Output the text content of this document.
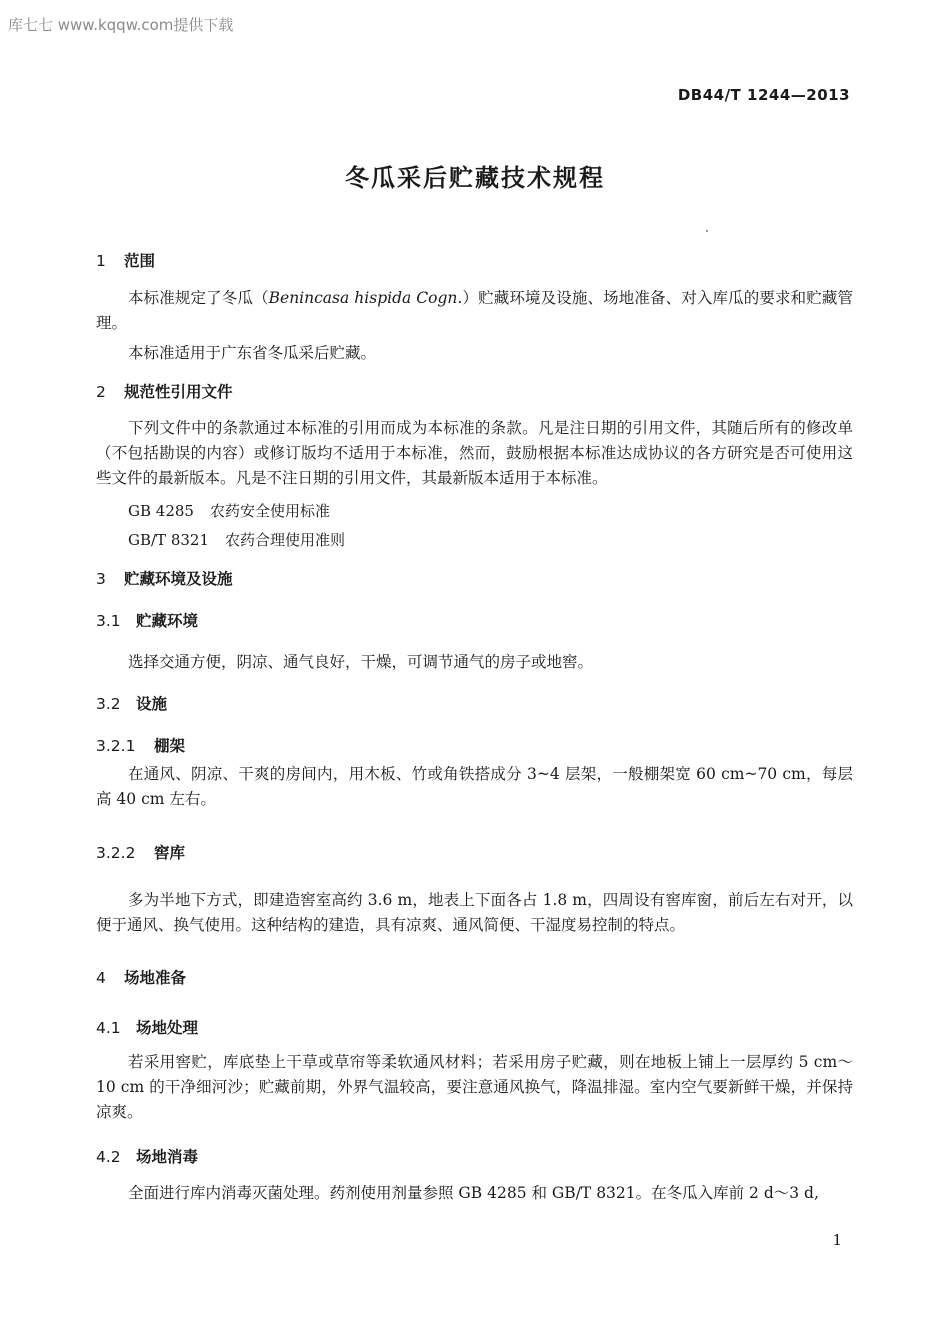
库七七 www.kqqw.com提供下载
DB44/T 1244—2013
冬瓜采后贮藏技术规程
1 范围

本标准规定了冬瓜（Benincasa hispida Cogn.）贮藏环境及设施、场地准备、对入库瓜的要求和贮藏管理。

本标准适用于广东省冬瓜采后贮藏。

2 规范性引用文件

下列文件中的条款通过本标准的引用而成为本标准的条款。凡是注日期的引用文件，其随后所有的修改单（不包括勘误的内容）或修订版均不适用于本标准，然而，鼓励根据本标准达成协议的各方研究是否可使用这些文件的最新版本。凡是不注日期的引用文件，其最新版本适用于本标准。

GB 4285 农药安全使用标准
GB/T 8321 农药合理使用准则
3 贮藏环境及设施
3.1 贮藏环境

选择交通方便，阴凉、通气良好，干燥，可调节通气的房子或地窖。

3.2 设施
3.2.1 棚架

在通风、阴凉、干爽的房间内，用木板、竹或角铁搭成分 3~4 层架，一般棚架宽 60 cm~70 cm，每层高 40 cm 左右。

3.2.2 窖库

多为半地下方式，即建造窖室高约 3.6 m，地表上下面各占 1.8 m，四周设有窖库窗，前后左右对开，以便于通风、换气使用。这种结构的建造，具有凉爽、通风简便、干湿度易控制的特点。

4 场地准备
4.1 场地处理

若采用窖贮，库底垫上干草或草帘等柔软通风材料；若采用房子贮藏，则在地板上铺上一层厚约 5 cm～10 cm 的干净细河沙；贮藏前期，外界气温较高，要注意通风换气，降温排湿。室内空气要新鲜干燥，并保持凉爽。

4.2 场地消毒

全面进行库内消毒灭菌处理。药剂使用剂量参照 GB 4285 和 GB/T 8321。在冬瓜入库前 2 d～3 d,

1
